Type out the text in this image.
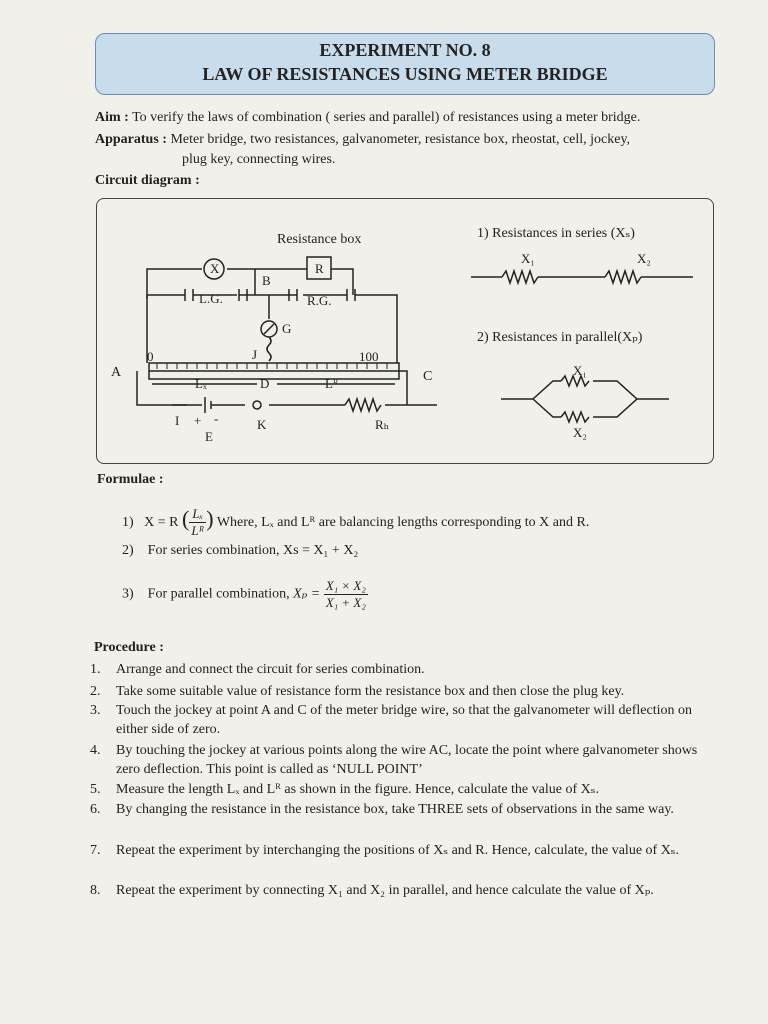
EXPERIMENT NO. 8
LAW OF RESISTANCES USING METER BRIDGE
Aim : To verify the laws of combination ( series and parallel) of resistances using a meter bridge.
Apparatus : Meter bridge, two resistances, galvanometer, resistance box, rheostat, cell, jockey,
plug key, connecting wires.
Circuit diagram :
Resistance box
X	R
B
L.G.	R.G.
G
J
0	100
A	C
Lₓ	D	Lᴿ
I + -
E
K	Rₕ
1) Resistances in series (Xₛ)
X₁	X₂
2) Resistances in parallel(Xₚ)
X₁
X₂
Formulae :
1) X = R ( $\frac{\text{Lₓ}}{\text{Lᴿ}}$ ) Where, Lₓ and Lᴿ are balancing lengths corresponding to X and R.
2) For series combination, Xs = X₁ + X₂
3) For parallel combination, $X_p = \frac{\text{X₁ × X₂}}{\text{X₁ + X₂}}$
Procedure :
1. Arrange and connect the circuit for series combination.
2. Take some suitable value of resistance form the resistance box and then close the plug key.
3. Touch the jockey at point A and C of the meter bridge wire, so that the galvanometer will deflection on either side of zero.
4. By touching the jockey at various points along the wire AC, locate the point where galvanometer shows zero deflection. This point is called as ‘NULL POINT’
5. Measure the length Lₓ and Lᴿ as shown in the figure. Hence, calculate the value of Xₛ.
6. By changing the resistance in the resistance box, take THREE sets of observations in the same way.
7. Repeat the experiment by interchanging the positions of Xₛ and R. Hence, calculate, the value of Xₛ.
8. Repeat the experiment by connecting X₁ and X₂ in parallel, and hence calculate the value of Xₚ.
